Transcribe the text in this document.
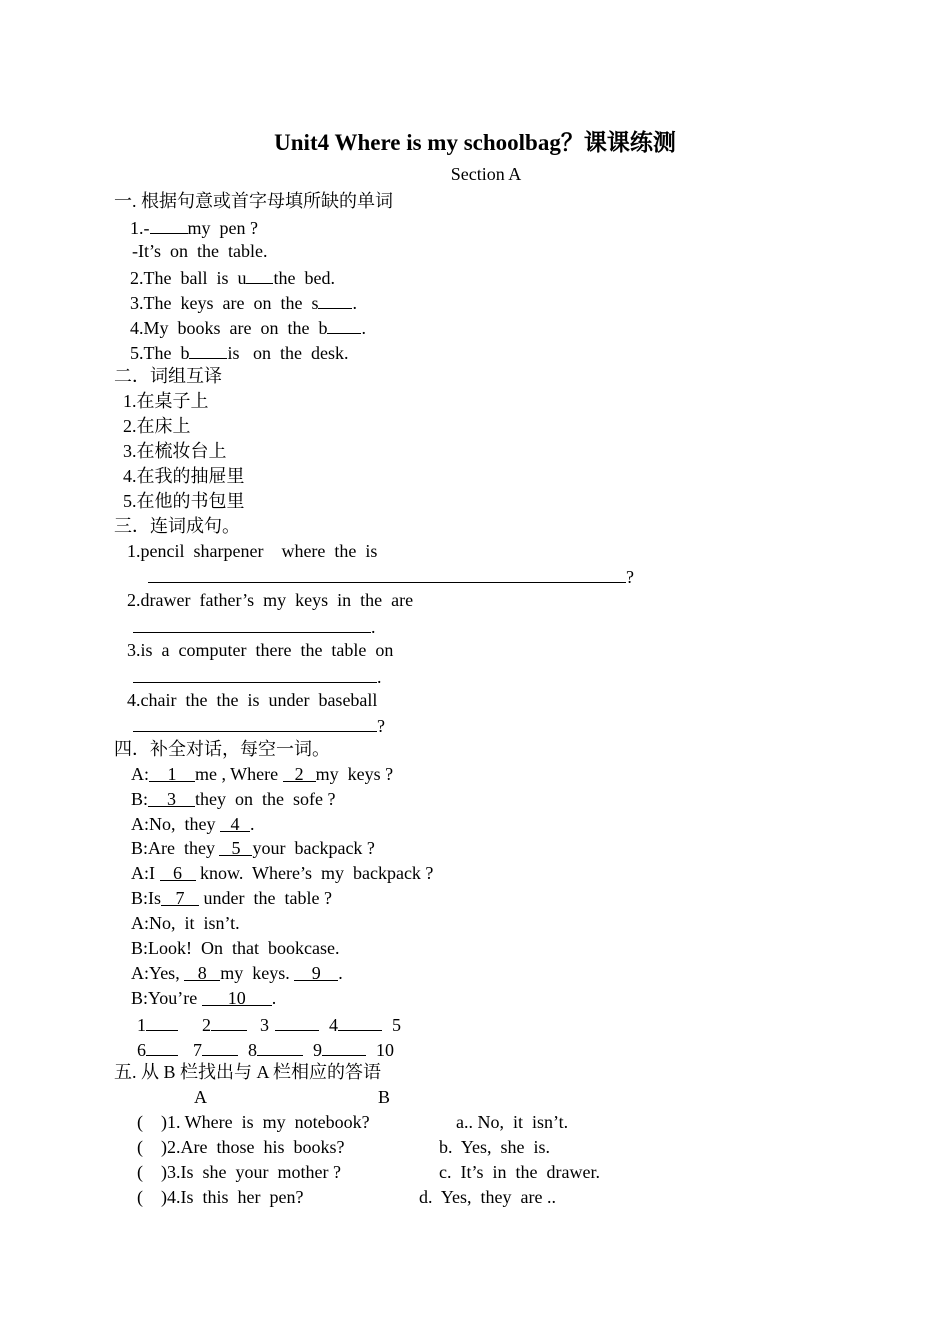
Unit4 Where is my schoolbag？课课练测
Section A
一. 根据句意或首字母填所缺的单词
1.- my  pen ?
-It’s  on  the  table.
2.The  ball  is  u the  bed.
3.The  keys  are  on  the  s .
4.My  books  are  on  the  b .
5.The  b is   on  the  desk.
二．词组互译
1.在桌子上
2.在床上
3.在梳妆台上
4.在我的抽屉里
5.在他的书包里
三．连词成句。
1.pencil  sharpener    where  the  is
?
2.drawer  father’s  my  keys  in  the  are
.
3.is  a  computer  there  the  table  on
.
4.chair  the  the  is  under  baseball
?
四．补全对话，每空一词。
A: 1 me , Where 2 my  keys ?
B: 3 they  on  the  sofe ?
A:No,  they 4 .
B:Are  they 5 your  backpack ?
A:I 6 know.  Where’s  my  backpack ?
B:Is 7 under  the  table ?
A:No,  it  isn’t.
B:Look!  On  that  bookcase.
A:Yes, 8 my  keys. 9 .
B:You’re 10 .
1	2	3	4	5
6	7	8	9	10
五. 从 B 栏找出与 A 栏相应的答语
A	B
(    )1. Where  is  my  notebook?	a.. No,  it  isn’t.
(    )2.Are  those  his  books?	b.  Yes,  she  is.
(    )3.Is  she  your  mother ?	c.  It’s  in  the  drawer.
(    )4.Is  this  her  pen?	d.  Yes,  they  are ..
